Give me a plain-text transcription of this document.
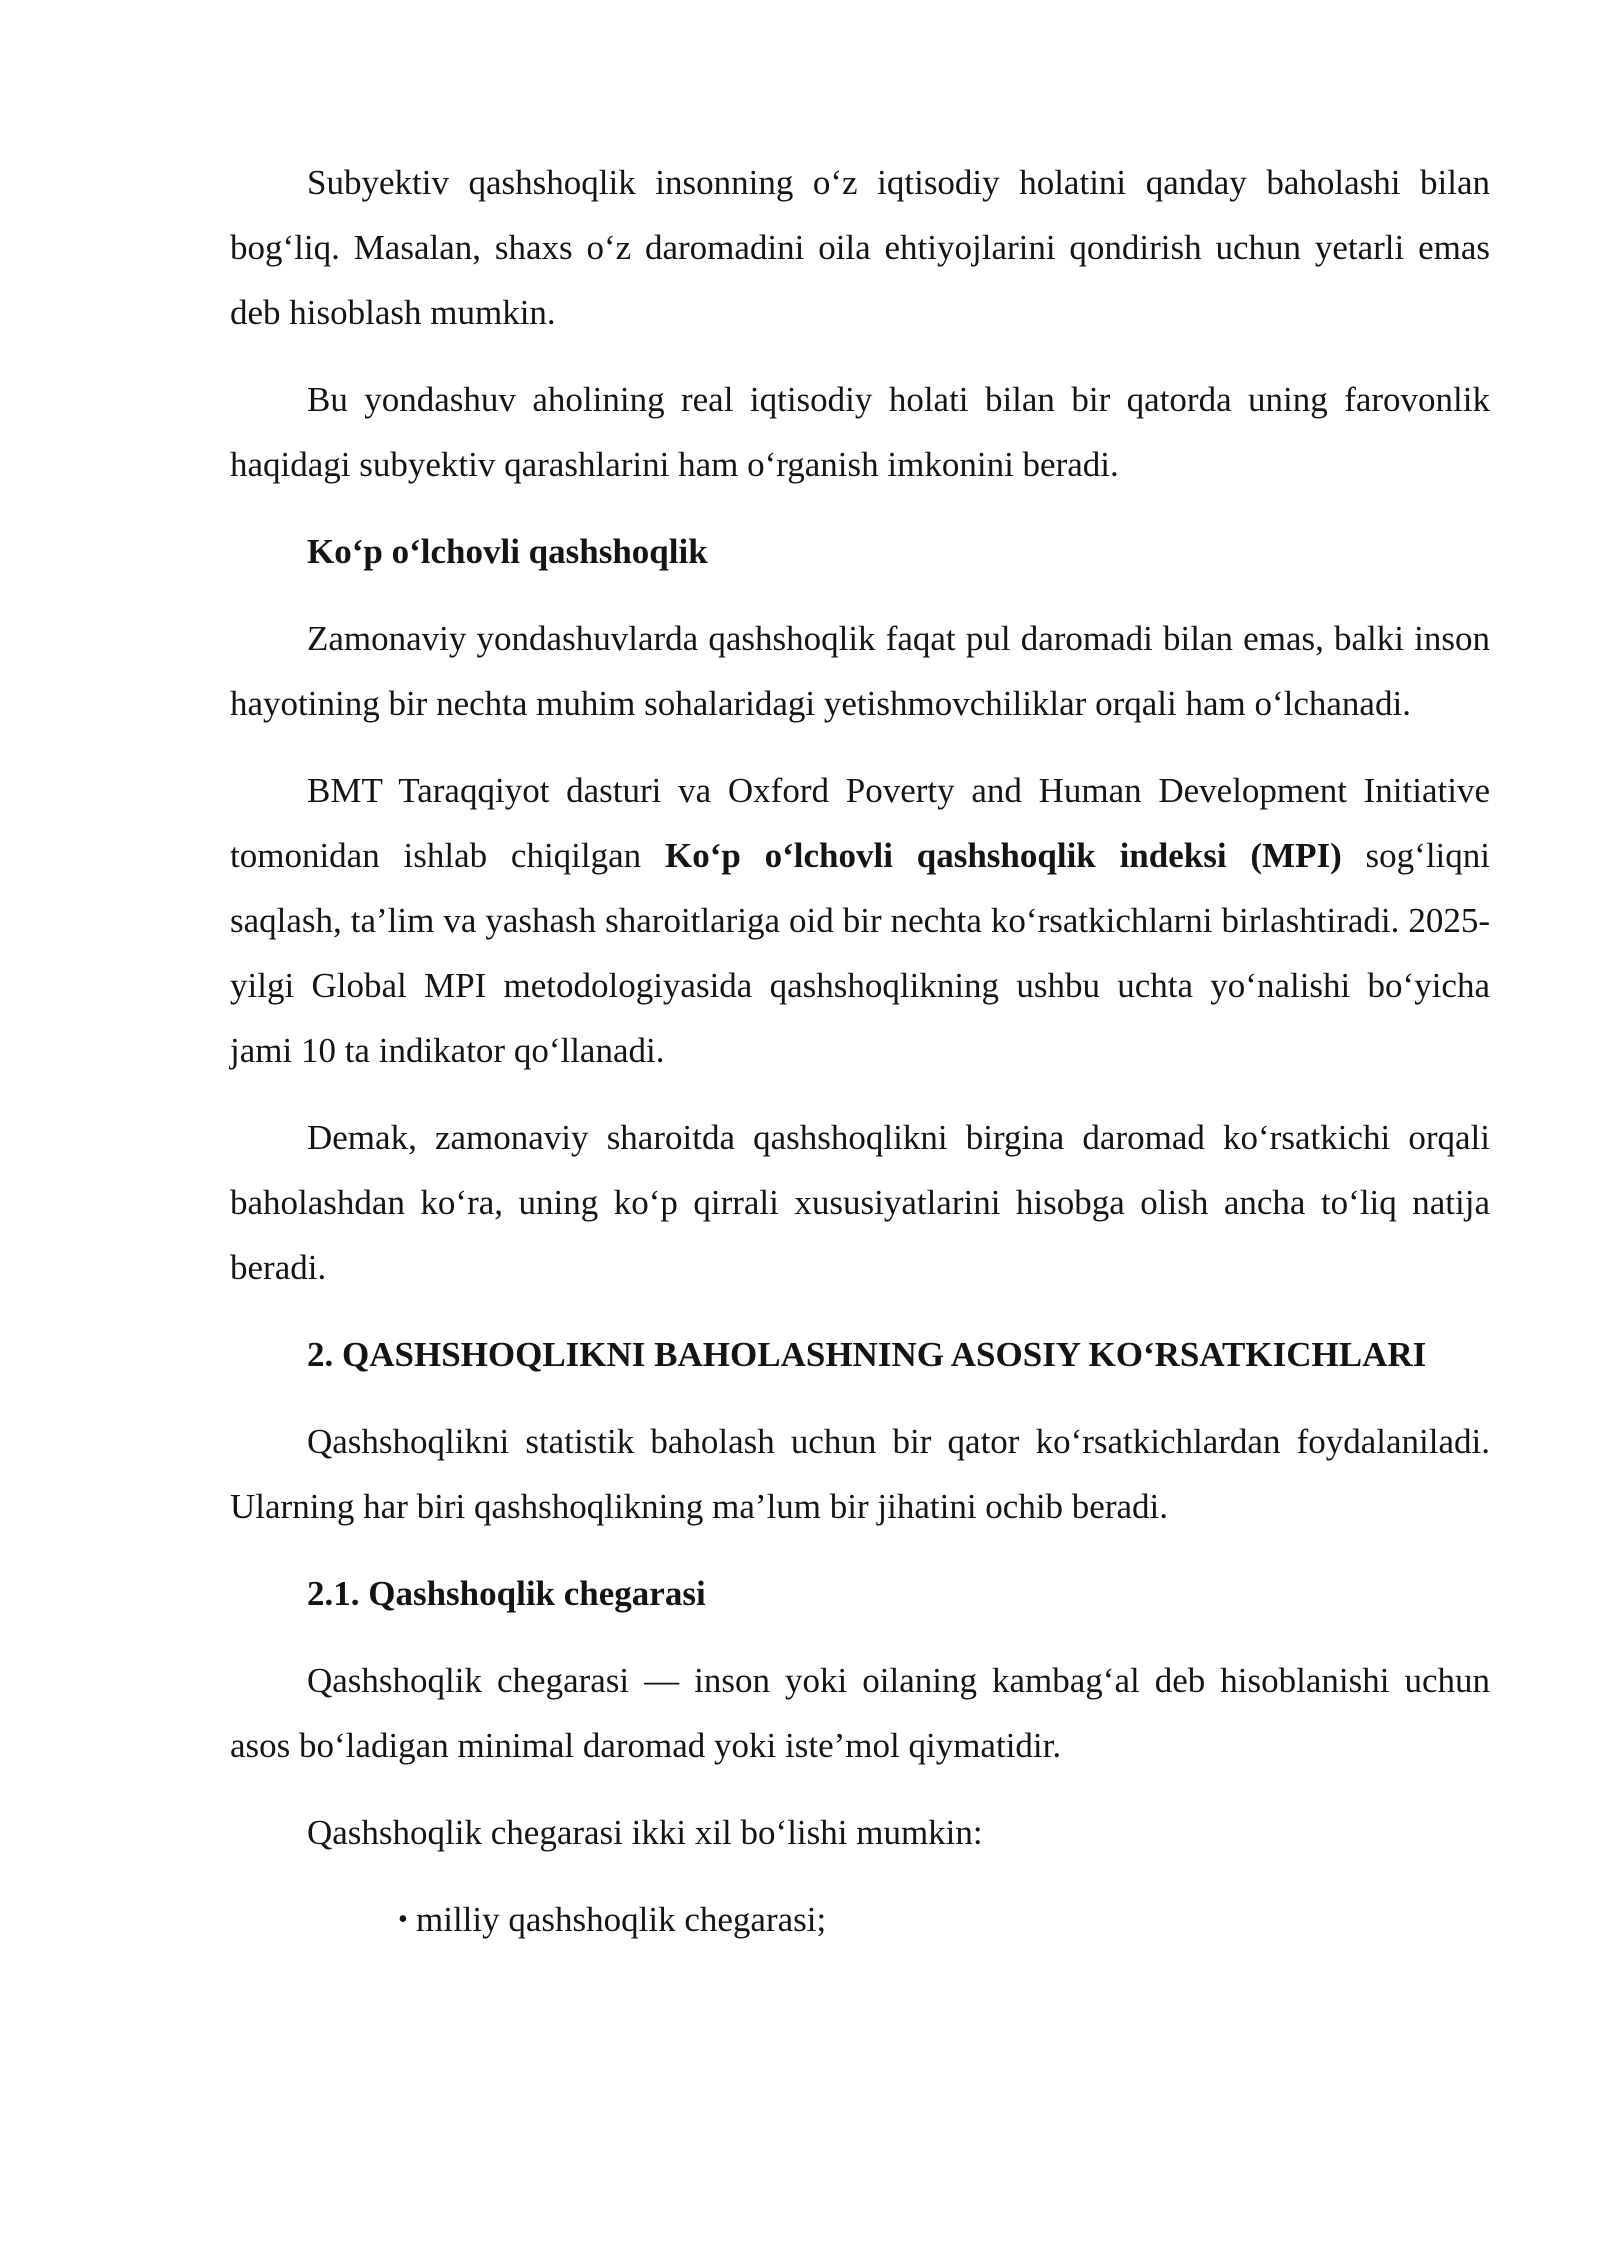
Subyektiv qashshoqlik insonning o‘z iqtisodiy holatini qanday baholashi bilan bog‘liq. Masalan, shaxs o‘z daromadini oila ehtiyojlarini qondirish uchun yetarli emas deb hisoblash mumkin.

Bu yondashuv aholining real iqtisodiy holati bilan bir qatorda uning farovonlik haqidagi subyektiv qarashlarini ham o‘rganish imkonini beradi.

Ko‘p o‘lchovli qashshoqlik

Zamonaviy yondashuvlarda qashshoqlik faqat pul daromadi bilan emas, balki inson hayotining bir nechta muhim sohalaridagi yetishmovchiliklar orqali ham o‘lchanadi.

BMT Taraqqiyot dasturi va Oxford Poverty and Human Development Initiative tomonidan ishlab chiqilgan Ko‘p o‘lchovli qashshoqlik indeksi (MPI) sog‘liqni saqlash, ta’lim va yashash sharoitlariga oid bir nechta ko‘rsatkichlarni birlashtiradi. 2025-yilgi Global MPI metodologiyasida qashshoqlikning ushbu uchta yo‘nalishi bo‘yicha jami 10 ta indikator qo‘llanadi.

Demak, zamonaviy sharoitda qashshoqlikni birgina daromad ko‘rsatkichi orqali baholashdan ko‘ra, uning ko‘p qirrali xususiyatlarini hisobga olish ancha to‘liq natija beradi.

2. QASHSHOQLIKNI BAHOLASHNING ASOSIY KO‘RSATKICHLARI

Qashshoqlikni statistik baholash uchun bir qator ko‘rsatkichlardan foydalaniladi. Ularning har biri qashshoqlikning ma’lum bir jihatini ochib beradi.

2.1. Qashshoqlik chegarasi

Qashshoqlik chegarasi — inson yoki oilaning kambag‘al deb hisoblanishi uchun asos bo‘ladigan minimal daromad yoki iste’mol qiymatidir.

Qashshoqlik chegarasi ikki xil bo‘lishi mumkin:

• milliy qashshoqlik chegarasi;
